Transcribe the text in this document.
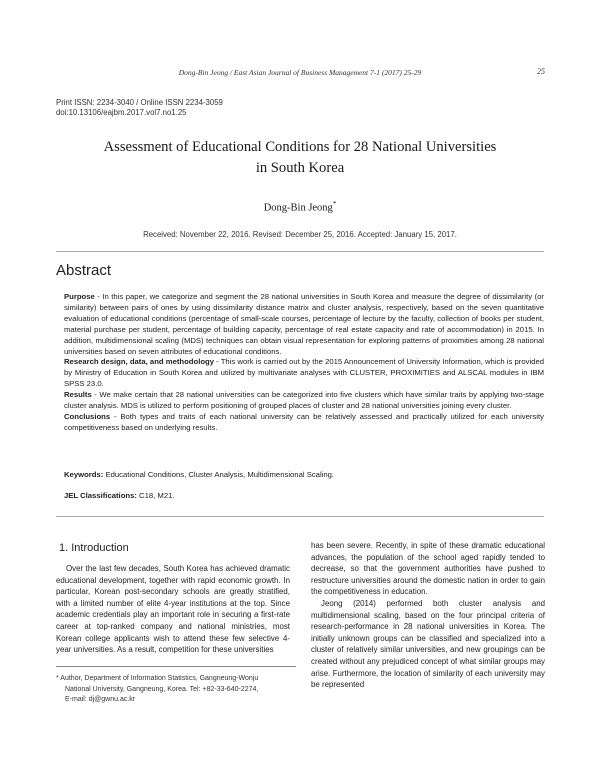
Dong-Bin Jeong / East Asian Journal of Business Management 7-1 (2017) 25-29	25
Print ISSN: 2234-3040 / Online ISSN 2234-3059
doi:10.13106/eajbm.2017.vol7.no1.25
Assessment of Educational Conditions for 28 National Universities
in South Korea
Dong-Bin Jeong*
Received: November 22, 2016. Revised: December 25, 2016. Accepted: January 15, 2017.
Abstract

Purpose - In this paper, we categorize and segment the 28 national universities in South Korea and measure the degree of dissimilarity (or similarity) between pairs of ones by using dissimilarity distance matrix and cluster analysis, respectively, based on the seven quantitative evaluation of educational conditions (percentage of small-scale courses, percentage of lecture by the faculty, collection of books per student, material purchase per student, percentage of building capacity, percentage of real estate capacity and rate of accommodation) in 2015. In addition, multidimensional scaling (MDS) techniques can obtain visual representation for exploring patterns of proximities among 28 national universities based on seven attributes of educational conditions.

Research design, data, and methodology - This work is carried out by the 2015 Announcement of University Information, which is provided by Ministry of Education in South Korea and utilized by multivariate analyses with CLUSTER, PROXIMITIES and ALSCAL modules in IBM SPSS 23.0.

Results - We make certain that 28 national universities can be categorized into five clusters which have similar traits by applying two-stage cluster analysis. MDS is utilized to perform positioning of grouped places of cluster and 28 national universities joining every cluster.

Conclusions - Both types and traits of each national university can be relatively assessed and practically utilized for each university competitiveness based on underlying results.

Keywords: Educational Conditions, Cluster Analysis, Multidimensional Scaling.
JEL Classifications: C18, M21.
1. Introduction

Over the last few decades, South Korea has achieved dramatic educational development, together with rapid economic growth. In particular, Korean post-secondary schools are greatly stratified, with a limited number of elite 4-year institutions at the top. Since academic credentials play an important role in securing a first-rate career at top-ranked company and national ministries, most Korean college applicants wish to attend these few selective 4-year universities. As a result, competition for these universities

has been severe. Recently, in spite of these dramatic educational advances, the population of the school aged rapidly tended to decrease, so that the government authorities have pushed to restructure universities around the domestic nation in order to gain the competitiveness in education.

Jeong (2014) performed both cluster analysis and multidimensional scaling, based on the four principal criteria of research-performance in 28 national universities in Korea. The initially unknown groups can be classified and specialized into a cluster of relatively similar universities, and new groupings can be created without any prejudiced concept of what similar groups may arise. Furthermore, the location of similarity of each university may be represented

* Author, Department of Information Statistics, Gangneung-Wonju
National University, Gangneung, Korea. Tel: +82-33-640-2274,
E-mail: dj@gwnu.ac.kr
